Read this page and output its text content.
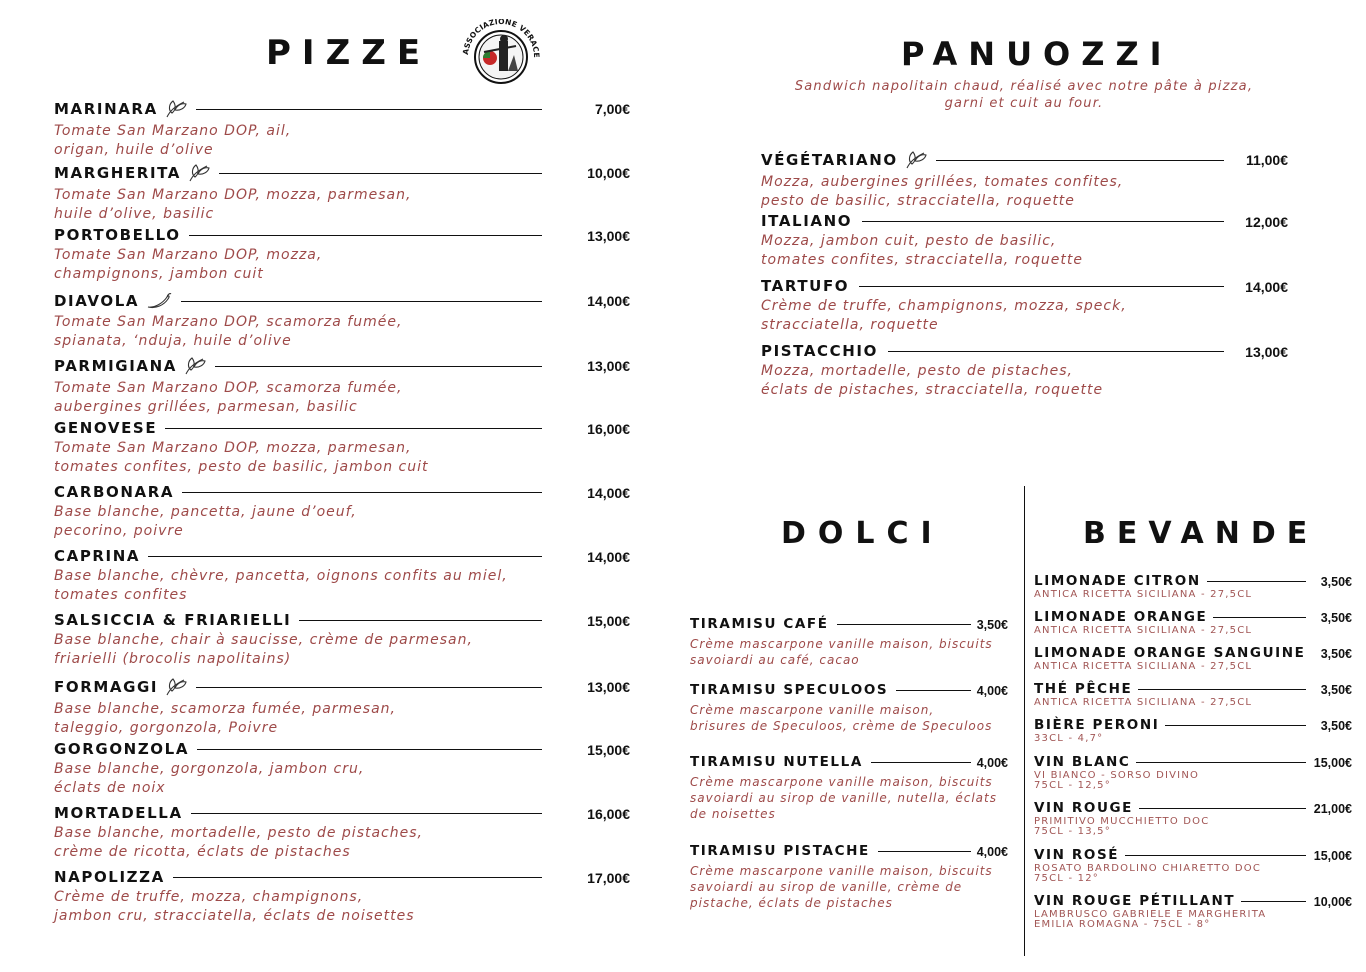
PIZZE	ASSOCIAZIONE VERACE
MARINARA	7,00€
Tomate San Marzano DOP, ail,
origan, huile d’olive
MARGHERITA	10,00€
Tomate San Marzano DOP, mozza, parmesan,
huile d’olive, basilic
PORTOBELLO	13,00€
Tomate San Marzano DOP, mozza,
champignons, jambon cuit
DIAVOLA	14,00€
Tomate San Marzano DOP, scamorza fumée,
spianata, ‘nduja, huile d’olive
PARMIGIANA	13,00€
Tomate San Marzano DOP, scamorza fumée,
aubergines grillées, parmesan, basilic
GENOVESE	16,00€
Tomate San Marzano DOP, mozza, parmesan,
tomates confites, pesto de basilic, jambon cuit
CARBONARA	14,00€
Base blanche, pancetta, jaune d’oeuf,
pecorino, poivre
CAPRINA	14,00€
Base blanche, chèvre, pancetta, oignons confits au miel,
tomates confites
SALSICCIA & FRIARIELLI	15,00€
Base blanche, chair à saucisse, crème de parmesan,
friarielli (brocolis napolitains)
FORMAGGI	13,00€
Base blanche, scamorza fumée, parmesan,
taleggio, gorgonzola, Poivre
GORGONZOLA	15,00€
Base blanche, gorgonzola, jambon cru,
éclats de noix
MORTADELLA	16,00€
Base blanche, mortadelle, pesto de pistaches,
crème de ricotta, éclats de pistaches
NAPOLIZZA	17,00€
Crème de truffe, mozza, champignons,
jambon cru, stracciatella, éclats de noisettes
PANUOZZI
Sandwich napolitain chaud, réalisé avec notre pâte à pizza,
garni et cuit au four.
VÉGÉTARIANO	11,00€
Mozza, aubergines grillées, tomates confites,
pesto de basilic, stracciatella, roquette
ITALIANO	12,00€
Mozza, jambon cuit, pesto de basilic,
tomates confites, stracciatella, roquette
TARTUFO	14,00€
Crème de truffe, champignons, mozza, speck,
stracciatella, roquette
PISTACCHIO	13,00€
Mozza, mortadelle, pesto de pistaches,
éclats de pistaches, stracciatella, roquette
DOLCI
TIRAMISU CAFÉ	3,50€
Crème mascarpone vanille maison, biscuits
savoiardi au café, cacao
TIRAMISU SPECULOOS	4,00€
Crème mascarpone vanille maison,
brisures de Speculoos, crème de Speculoos
TIRAMISU NUTELLA	4,00€
Crème mascarpone vanille maison, biscuits
savoiardi au sirop de vanille, nutella, éclats
de noisettes
TIRAMISU PISTACHE	4,00€
Crème mascarpone vanille maison, biscuits
savoiardi au sirop de vanille, crème de
pistache, éclats de pistaches
BEVANDE
LIMONADE CITRON	3,50€
ANTICA RICETTA SICILIANA - 27,5CL
LIMONADE ORANGE	3,50€
ANTICA RICETTA SICILIANA - 27,5CL
LIMONADE ORANGE SANGUINE 3,50€
ANTICA RICETTA SICILIANA - 27,5CL
THÉ PÊCHE	3,50€
ANTICA RICETTA SICILIANA - 27,5CL
BIÈRE PERONI	3,50€
33CL - 4,7°
VIN BLANC	15,00€
VI BIANCO - SORSO DIVINO
75CL - 12,5°
VIN ROUGE	21,00€
PRIMITIVO MUCCHIETTO DOC
75CL - 13,5°
VIN ROSÉ	15,00€
ROSATO BARDOLINO CHIARETTO DOC
75CL - 12°
VIN ROUGE PÉTILLANT	10,00€
LAMBRUSCO GABRIELE E MARGHERITA
EMILIA ROMAGNA - 75CL - 8°
